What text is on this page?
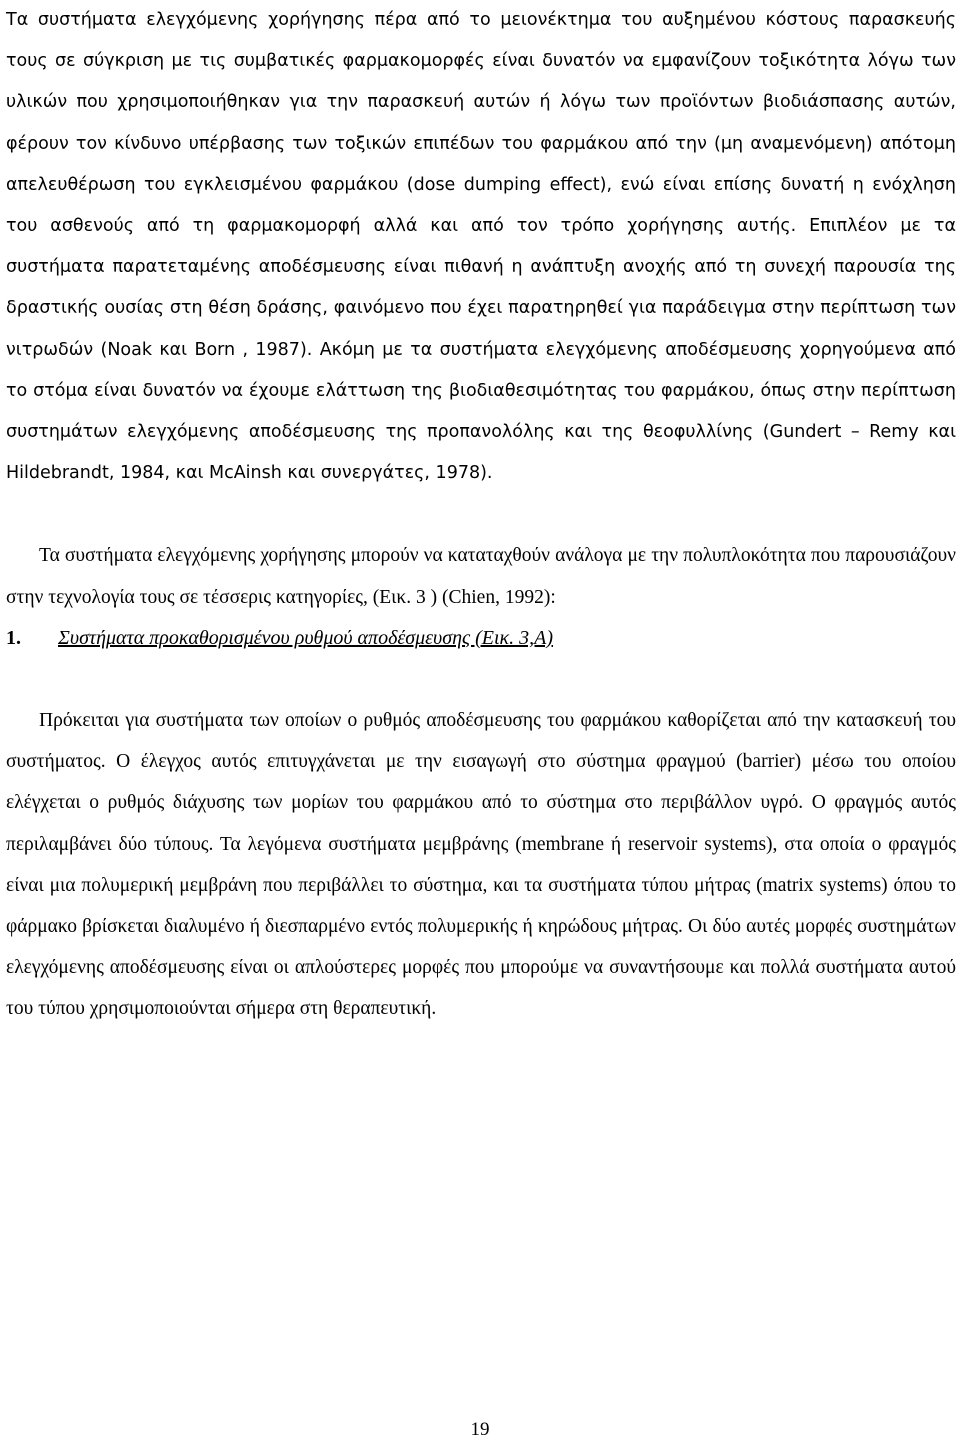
Τα συστήματα ελεγχόμενης χορήγησης πέρα από το μειονέκτημα του αυξημένου κόστους παρασκευής τους σε σύγκριση με τις συμβατικές φαρμακομορφές είναι δυνατόν να εμφανίζουν τοξικότητα λόγω των υλικών που χρησιμοποιήθηκαν για την παρασκευή αυτών ή λόγω των προϊόντων βιοδιάσπασης αυτών, φέρουν τον κίνδυνο υπέρβασης των τοξικών επιπέδων του φαρμάκου από την (μη αναμενόμενη) απότομη απελευθέρωση του εγκλεισμένου φαρμάκου (dose dumping effect), ενώ είναι επίσης δυνατή η ενόχληση του ασθενούς από τη φαρμακομορφή αλλά και από τον τρόπο χορήγησης αυτής. Επιπλέον με τα συστήματα παρατεταμένης αποδέσμευσης είναι πιθανή η ανάπτυξη ανοχής από τη συνεχή παρουσία της δραστικής ουσίας στη θέση δράσης, φαινόμενο που έχει παρατηρηθεί για παράδειγμα στην περίπτωση των νιτρωδών (Noak και Born , 1987). Ακόμη με τα συστήματα ελεγχόμενης αποδέσμευσης χορηγούμενα από το στόμα είναι δυνατόν να έχουμε ελάττωση της βιοδιαθεσιμότητας του φαρμάκου, όπως στην περίπτωση συστημάτων ελεγχόμενης αποδέσμευσης της προπανολόλης και της θεοφυλλίνης (Gundert – Remy και Hildebrandt, 1984, και McAinsh και συνεργάτες, 1978).

Τα συστήματα ελεγχόμενης χορήγησης μπορούν να καταταχθούν ανάλογα με την πολυπλοκότητα που παρουσιάζουν στην τεχνολογία τους σε τέσσερις κατηγορίες, (Εικ. 3 ) (Chien, 1992):

1. Συστήματα προκαθορισμένου ρυθμού αποδέσμευσης (Εικ. 3,Α)

Πρόκειται για συστήματα των οποίων ο ρυθμός αποδέσμευσης του φαρμάκου καθορίζεται από την κατασκευή του συστήματος. Ο έλεγχος αυτός επιτυγχάνεται με την εισαγωγή στο σύστημα φραγμού (barrier) μέσω του οποίου ελέγχεται ο ρυθμός διάχυσης των μορίων του φαρμάκου από το σύστημα στο περιβάλλον υγρό. Ο φραγμός αυτός περιλαμβάνει δύο τύπους. Τα λεγόμενα συστήματα μεμβράνης (membrane ή reservoir systems), στα οποία ο φραγμός είναι μια πολυμερική μεμβράνη που περιβάλλει το σύστημα, και τα συστήματα τύπου μήτρας (matrix systems) όπου το φάρμακο βρίσκεται διαλυμένο ή διεσπαρμένο εντός πολυμερικής ή κηρώδους μήτρας. Οι δύο αυτές μορφές συστημάτων ελεγχόμενης αποδέσμευσης είναι οι απλούστερες μορφές που μπορούμε να συναντήσουμε και πολλά συστήματα αυτού του τύπου χρησιμοποιούνται σήμερα στη θεραπευτική.

19
